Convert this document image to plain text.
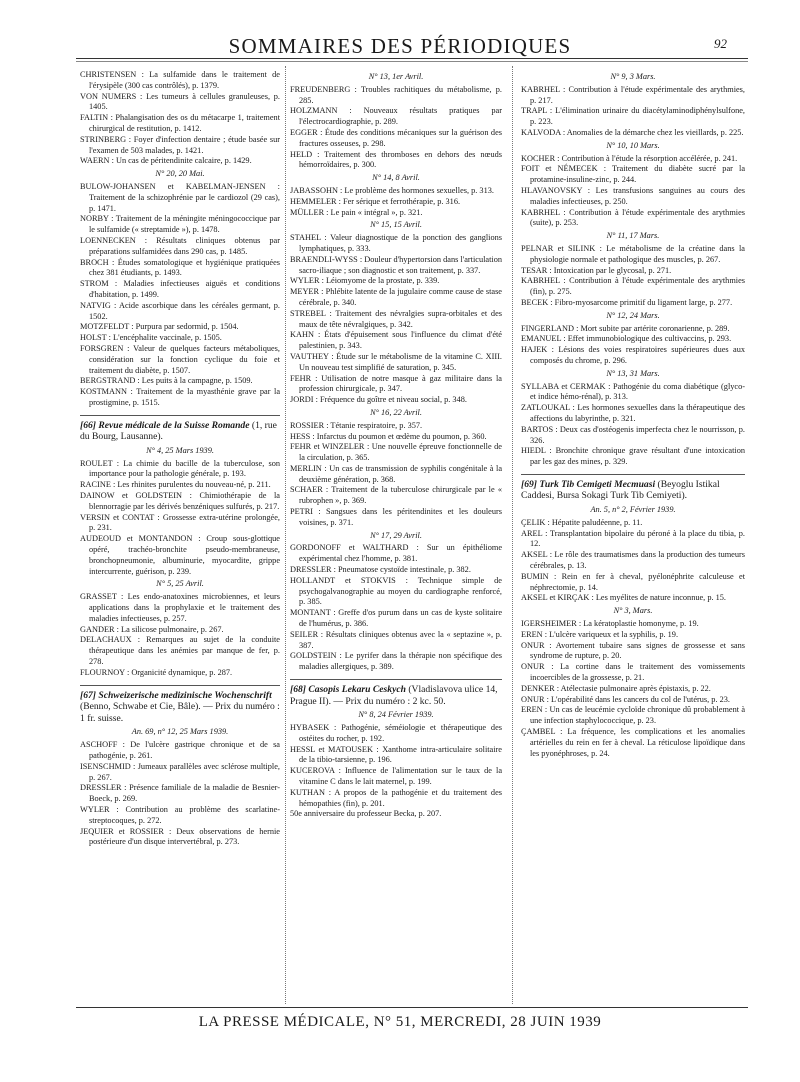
SOMMAIRES DES PÉRIODIQUES	92
CHRISTENSEN : La sulfamide dans le traitement de l'érysipèle (300 cas contrôlés), p. 1379.
VON NUMERS : Les tumeurs à cellules granuleuses, p. 1405.
FALTIN : Phalangisation des os du métacarpe 1, traitement chirurgical de restitution, p. 1412.
STRINBERG : Foyer d'infection dentaire ; étude basée sur l'examen de 503 malades, p. 1421.
WAERN : Un cas de péritendinite calcaire, p. 1429.
N° 20, 20 Mai.
BULOW-JOHANSEN et KABELMAN-JENSEN : Traitement de la schizophrénie par le cardiozol (29 cas), p. 1471.
NORBY : Traitement de la méningite méningococcique par le sulfamide (« streptamide »), p. 1478.
LOENNECKEN : Résultats cliniques obtenus par préparations sulfamidées dans 290 cas, p. 1485.
BROCH : Études somatologique et hygiénique pratiquées chez 381 étudiants, p. 1493.
STROM : Maladies infectieuses aiguës et conditions d'habitation, p. 1499.
NATVIG : Acide ascorbique dans les céréales germant, p. 1502.
MOTZFELDT : Purpura par sedormid, p. 1504.
HOLST : L'encéphalite vaccinale, p. 1505.
FORSGREN : Valeur de quelques facteurs métaboliques, considération sur la fonction cyclique du foie et traitement du diabète, p. 1507.
BERGSTRAND : Les puits à la campagne, p. 1509.
KOSTMANN : Traitement de la myasthénie grave par la prostigmine, p. 1515.
[66] Revue médicale de la Suisse Romande (1, rue du Bourg, Lausanne).
N° 4, 25 Mars 1939.
ROULET : La chimie du bacille de la tuberculose, son importance pour la pathologie générale, p. 193.
RACINE : Les rhinites purulentes du nouveau-né, p. 211.
DAINOW et GOLDSTEIN : Chimiothérapie de la blennorragie par les dérivés benzéniques sulfurés, p. 217.
VERSIN et CONTAT : Grossesse extra-utérine prolongée, p. 231.
AUDEOUD et MONTANDON : Croup sous-glottique opéré, trachéo-bronchite pseudo-membraneuse, bronchopneumonie, albuminurie, myocardite, grippe intercurrente, guérison, p. 239.
N° 5, 25 Avril.
GRASSET : Les endo-anatoxines microbiennes, et leurs applications dans la prophylaxie et le traitement des maladies infectieuses, p. 257.
GANDER : La silicose pulmonaire, p. 267.
DELACHAUX : Remarques au sujet de la conduite thérapeutique dans les anémies par manque de fer, p. 278.
FLOURNOY : Organicité dynamique, p. 287.
[67] Schweizerische medizinische Wochenschrift (Benno, Schwabe et Cie, Bâle). — Prix du numéro : 1 fr. suisse.
An. 69, n° 12, 25 Mars 1939.
ASCHOFF : De l'ulcère gastrique chronique et de sa pathogénie, p. 261.
ISENSCHMID : Jumeaux parallèles avec sclérose multiple, p. 267.
DRESSLER : Présence familiale de la maladie de Besnier-Boeck, p. 269.
WYLER : Contribution au problème des scarlatine-streptocoques, p. 272.
JEQUIER et ROSSIER : Deux observations de hernie postérieure d'un disque intervertébral, p. 273.
N° 13, 1er Avril.
FREUDENBERG : Troubles rachitiques du métabolisme, p. 285.
HOLZMANN : Nouveaux résultats pratiques par l'électrocardiographie, p. 289.
EGGER : Étude des conditions mécaniques sur la guérison des fractures osseuses, p. 298.
HELD : Traitement des thromboses en dehors des nœuds hémorroïdaires, p. 300.
N° 14, 8 Avril.
JABASSOHN : Le problème des hormones sexuelles, p. 313.
HEMMELER : Fer sérique et ferrothérapie, p. 316.
MÜLLER : Le pain « intégral », p. 321.
N° 15, 15 Avril.
STAHEL : Valeur diagnostique de la ponction des ganglions lymphatiques, p. 333.
BRAENDLI-WYSS : Douleur d'hypertorsion dans l'articulation sacro-iliaque ; son diagnostic et son traitement, p. 337.
WYLER : Léiomyome de la prostate, p. 339.
MEYER : Phlébite latente de la jugulaire comme cause de stase cérébrale, p. 340.
STREBEL : Traitement des névralgies supra-orbitales et des maux de tête névralgiques, p. 342.
KAHN : États d'épuisement sous l'influence du climat d'été palestinien, p. 343.
VAUTHEY : Étude sur le métabolisme de la vitamine C. XIII. Un nouveau test simplifié de saturation, p. 345.
FEHR : Utilisation de notre masque à gaz militaire dans la profession chirurgicale, p. 347.
JORDI : Fréquence du goître et niveau social, p. 348.
N° 16, 22 Avril.
ROSSIER : Tétanie respiratoire, p. 357.
HESS : Infarctus du poumon et œdème du poumon, p. 360.
FEHR et WINZELER : Une nouvelle épreuve fonctionnelle de la circulation, p. 365.
MERLIN : Un cas de transmission de syphilis congénitale à la deuxième génération, p. 368.
SCHAER : Traitement de la tuberculose chirurgicale par le « rubrophen », p. 369.
PETRI : Sangsues dans les péritendinites et les douleurs voisines, p. 371.
N° 17, 29 Avril.
GORDONOFF et WALTHARD : Sur un épithéliome expérimental chez l'homme, p. 381.
DRESSLER : Pneumatose cystoïde intestinale, p. 382.
HOLLANDT et STOKVIS : Technique simple de psychogalvanographie au moyen du cardiographe renforcé, p. 385.
MONTANT : Greffe d'os purum dans un cas de kyste solitaire de l'humérus, p. 386.
SEILER : Résultats cliniques obtenus avec la « septazine », p. 387.
GOLDSTEIN : Le pyrifer dans la thérapie non spécifique des maladies allergiques, p. 389.
[68] Casopis Lekaru Ceskych (Vladislavova ulice 14, Prague II). — Prix du numéro : 2 kc. 50.
N° 8, 24 Février 1939.
HYBASEK : Pathogénie, séméiologie et thérapeutique des ostéites du rocher, p. 192.
HESSL et MATOUSEK : Xanthome intra-articulaire solitaire de la tibio-tarsienne, p. 196.
KUCEROVA : Influence de l'alimentation sur le taux de la vitamine C dans le lait maternel, p. 199.
KUTHAN : A propos de la pathogénie et du traitement des hémopathies (fin), p. 201.
50e anniversaire du professeur Becka, p. 207.
N° 9, 3 Mars.
KABRHEL : Contribution à l'étude expérimentale des arythmies, p. 217.
TRAPL : L'élimination urinaire du diacétylaminodiphénylsulfone, p. 223.
KALVODA : Anomalies de la démarche chez les vieillards, p. 225.
N° 10, 10 Mars.
KOCHER : Contribution à l'étude la résorption accélérée, p. 241.
FOIT et NÉMECEK : Traitement du diabète sucré par la protamine-insuline-zinc, p. 244.
HLAVANOVSKY : Les transfusions sanguines au cours des maladies infectieuses, p. 250.
KABRHEL : Contribution à l'étude expérimentale des arythmies (suite), p. 253.
N° 11, 17 Mars.
PELNAR et SILINK : Le métabolisme de la créatine dans la physiologie normale et pathologique des muscles, p. 267.
TESAR : Intoxication par le glycosal, p. 271.
KABRHEL : Contribution à l'étude expérimentale des arythmies (fin), p. 275.
BECEK : Fibro-myosarcome primitif du ligament large, p. 277.
N° 12, 24 Mars.
FINGERLAND : Mort subite par artérite coronarienne, p. 289.
EMANUEL : Effet immunobiologique des cultivaccins, p. 293.
HAJEK : Lésions des voies respiratoires supérieures dues aux composés du chrome, p. 296.
N° 13, 31 Mars.
SYLLABA et CERMAK : Pathogénie du coma diabétique (glyco- et indice hémo-rénal), p. 313.
ZATLOUKAL : Les hormones sexuelles dans la thérapeutique des affections du labyrinthe, p. 321.
BARTOS : Deux cas d'ostéogenis imperfecta chez le nourrisson, p. 326.
HIEDL : Bronchite chronique grave résultant d'une intoxication par les gaz des mines, p. 329.
[69] Turk Tib Cemigeti Mecmuasi (Beyoglu Istikal Caddesi, Bursa Sokagi Turk Tib Cemiyeti).
An. 5, n° 2, Février 1939.
ÇELIK : Hépatite paludéenne, p. 11.
AREL : Transplantation bipolaire du péroné à la place du tibia, p. 12.
AKSEL : Le rôle des traumatismes dans la production des tumeurs cérébrales, p. 13.
BUMIN : Rein en fer à cheval, pyélonéphrite calculeuse et néphrectomie, p. 14.
AKSEL et KIRÇAK : Les myélites de nature inconnue, p. 15.
N° 3, Mars.
IGERSHEIMER : La kératoplastie homonyme, p. 19.
EREN : L'ulcère variqueux et la syphilis, p. 19.
ONUR : Avortement tubaire sans signes de grossesse et sans syndrome de rupture, p. 20.
ONUR : La cortine dans le traitement des vomissements incoercibles de la grossesse, p. 21.
DENKER : Atélectasie pulmonaire après épistaxis, p. 22.
ONUR : L'opérabilité dans les cancers du col de l'utérus, p. 23.
EREN : Un cas de leucémie cycloïde chronique dû probablement à une infection staphylococcique, p. 23.
ÇAMBEL : La fréquence, les complications et les anomalies artérielles du rein en fer à cheval. La réticulose lipoïdique dans les pyonéphroses, p. 24.
LA PRESSE MÉDICALE, N° 51, MERCREDI, 28 JUIN 1939
